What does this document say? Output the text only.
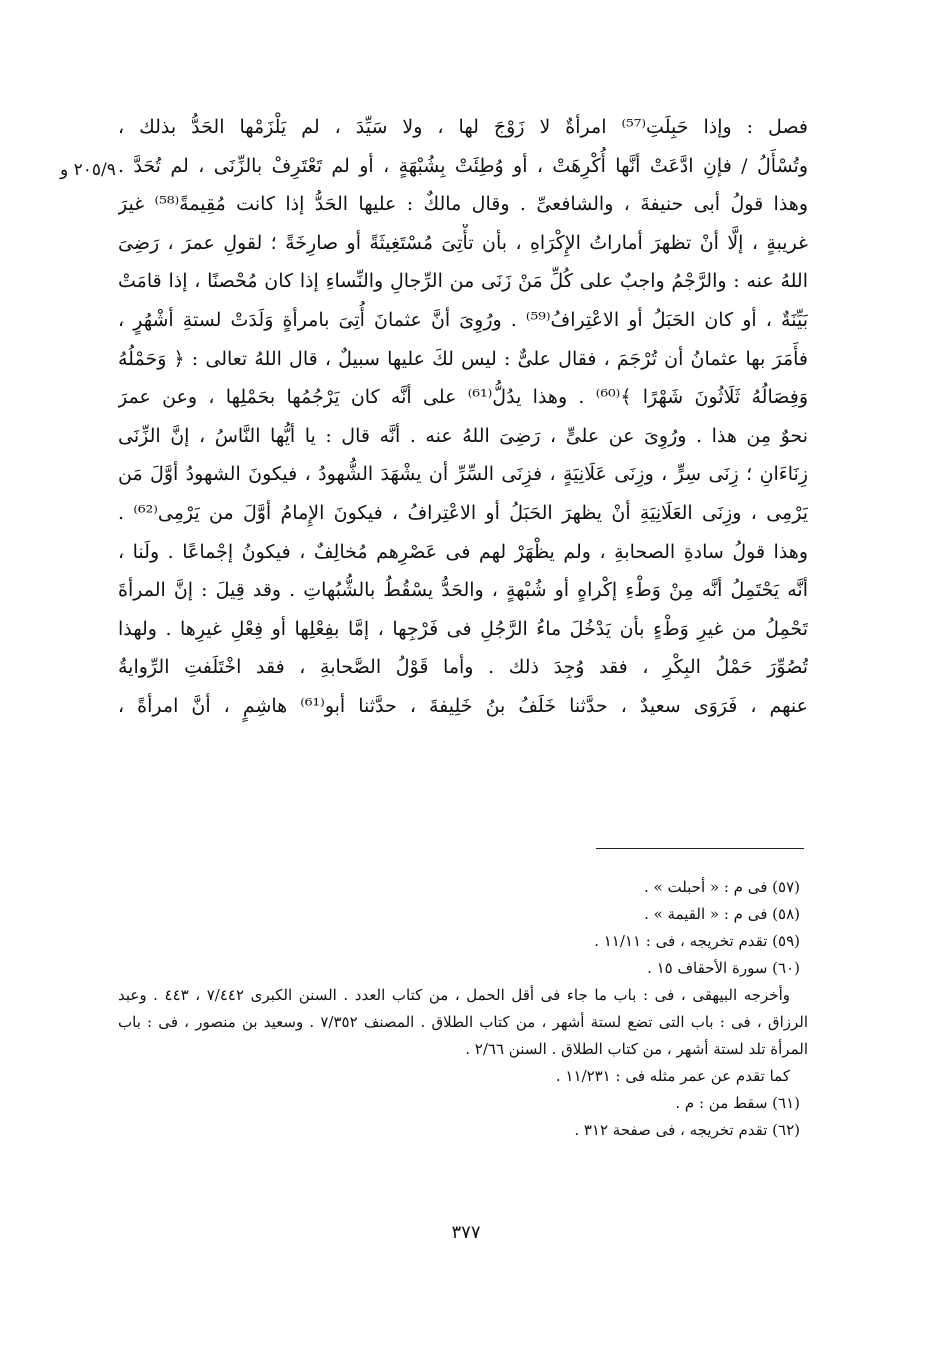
٢٠٥/٩ و
فصل : وإذا حَبِلَتِ⁽⁵⁷⁾ امرأةٌ لا زَوْجَ لها ، ولا سَيِّدَ ، لم يَلْزَمْها الحَدُّ بذلك ،
وتُسْأَلُ / فإنِ ادَّعَتْ أنَّها أُكْرِهَتْ ، أو وُطِئَتْ بِشُبْهَةٍ ، أو لم تَعْتَرِفْ بالزِّنَى ، لم تُحَدَّ .
وهذا قولُ أبى حنيفةَ ، والشافعىِّ . وقال مالكٌ : عليها الحَدُّ إذا كانت مُقِيمةً⁽⁵⁸⁾ غيرَ
غريبةٍ ، إلَّا أنْ تظهرَ أماراتُ الإِكْرَاهِ ، بأن تأْتِىَ مُسْتَغِيثَةً أو صارِخَةً ؛ لقولِ عمرَ ، رَضِىَ
اللهُ عنه : والرَّجْمُ واجبٌ على كُلِّ مَنْ زَنَى من الرِّجالِ والنِّساءِ إذا كان مُحْصنًا ، إذا قامَتْ
بَيِّنَةٌ ، أو كان الحَبَلُ أو الاعْتِرافُ⁽⁵⁹⁾ . ورُوِىَ أنَّ عثمانَ أُتِىَ بامرأةٍ وَلَدَتْ لستةِ أشْهُرٍ ،
فأَمَرَ بها عثمانُ أن تُرْجَمَ ، فقال علىٌّ : ليس لكَ عليها سبيلٌ ، قال اللهُ تعالى : ﴿ وَحَمْلُهُ
وَفِصَالُهُ ثَلَاثُونَ شَهْرًا ﴾⁽⁶⁰⁾ . وهذا يدُلُّ⁽⁶¹⁾ على أنَّه كان يَرْجُمُها بحَمْلِها ، وعن عمرَ
نحوٌ مِن هذا . ورُوِىَ عن علىٍّ ، رَضِىَ اللهُ عنه . أنَّه قال : يا أيُّها النَّاسُ ، إنَّ الزِّنَى
زِنَاءَانِ ؛ زِنَى سِرٍّ ، وزِنَى عَلَانِيَةٍ ، فزِنَى السِّرِّ أن يشْهَدَ الشُّهودُ ، فيكونَ الشهودُ أوَّلَ مَن
يَرْمِى ، وزِنَى العَلَانِيَةِ أنْ يظهرَ الحَبَلُ أو الاعْتِرافُ ، فيكونَ الإِمامُ أوَّلَ من يَرْمِى⁽⁶²⁾ .
وهذا قولُ سادةِ الصحابةِ ، ولم يظْهَرْ لهم فى عَصْرِهم مُخالِفٌ ، فيكونُ إجْماعًا . ولَنا ،
أنَّه يَحْتَمِلُ أنَّه مِنْ وَطْءِ إكْراهٍ أو شُبْهةٍ ، والحَدُّ يسْقُطُ بالشُّبُهاتِ . وقد قِيلَ : إنَّ المرأةَ
تَحْمِلُ من غيرِ وَطْءٍ بأن يَدْخُلَ ماءُ الرَّجُلِ فى فَرْجِها ، إمَّا بفِعْلِها أو فِعْلِ غيرِها . ولهذا
تُصُوِّرَ حَمْلُ البِكْرِ ، فقد وُجِدَ ذلك . وأما قَوْلُ الصَّحابةِ ، فقد اخْتَلَفتِ الرِّوايةُ
عنهم ، فَرَوَى سعيدٌ ، حدَّثنا خَلَفُ بنُ خَلِيفةَ ، حدَّثنا أبو⁽⁶¹⁾ هاشِمٍ ، أنَّ امرأةً ،
(٥٧) فى م : « أحبلت » .
(٥٨) فى م : « القيمة » .
(٥٩) تقدم تخريجه ، فى : ١١/١١ .
(٦٠) سورة الأحقاف ١٥ .
وأخرجه البيهقى ، فى : باب ما جاء فى أقل الحمل ، من كتاب العدد . السنن الكبرى ٧/٤٤٢ ، ٤٤٣ . وعبد
الرزاق ، فى : باب التى تضع لستة أشهر ، من كتاب الطلاق . المصنف ٧/٣٥٢ . وسعيد بن منصور ، فى : باب
المرأة تلد لستة أشهر ، من كتاب الطلاق . السنن ٢/٦٦ .
كما تقدم عن عمر مثله فى : ١١/٢٣١ .
(٦١) سقط من : م .
(٦٢) تقدم تخريجه ، فى صفحة ٣١٢ .
٣٧٧
